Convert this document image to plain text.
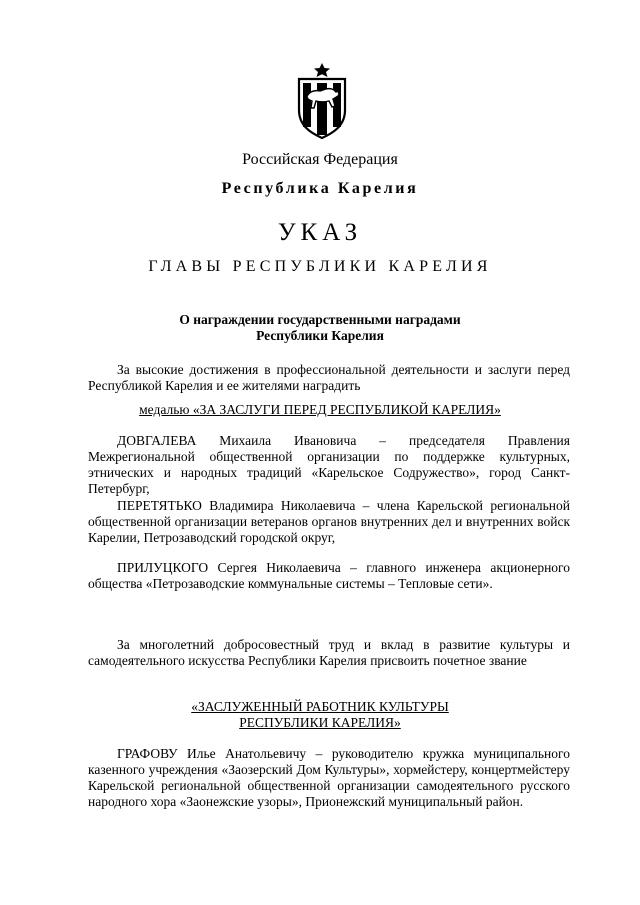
Российская Федерация
Республика Карелия
УКАЗ
ГЛАВЫ РЕСПУБЛИКИ КАРЕЛИЯ
О награждении государственными наградами
Республики Карелия
За высокие достижения в профессиональной деятельности и заслуги перед Республикой Карелия и ее жителями наградить
медалью «ЗА ЗАСЛУГИ ПЕРЕД РЕСПУБЛИКОЙ КАРЕЛИЯ»
ДОВГАЛЕВА Михаила Ивановича – председателя Правления Межрегиональной общественной организации по поддержке культурных, этнических и народных традиций «Карельское Содружество», город Санкт-Петербург,
ПЕРЕТЯТЬКО Владимира Николаевича – члена Карельской региональной общественной организации ветеранов органов внутренних дел и внутренних войск Карелии, Петрозаводский городской округ,
ПРИЛУЦКОГО Сергея Николаевича – главного инженера акционерного общества «Петрозаводские коммунальные системы – Тепловые сети».
За многолетний добросовестный труд и вклад в развитие культуры и самодеятельного искусства Республики Карелия присвоить почетное звание
«ЗАСЛУЖЕННЫЙ РАБОТНИК КУЛЬТУРЫ
РЕСПУБЛИКИ КАРЕЛИЯ»
ГРАФОВУ Илье Анатольевичу – руководителю кружка муниципального казенного учреждения «Заозерский Дом Культуры», хормейстеру, концертмейстеру Карельской региональной общественной организации самодеятельного русского народного хора «Заонежские узоры», Прионежский муниципальный район.
